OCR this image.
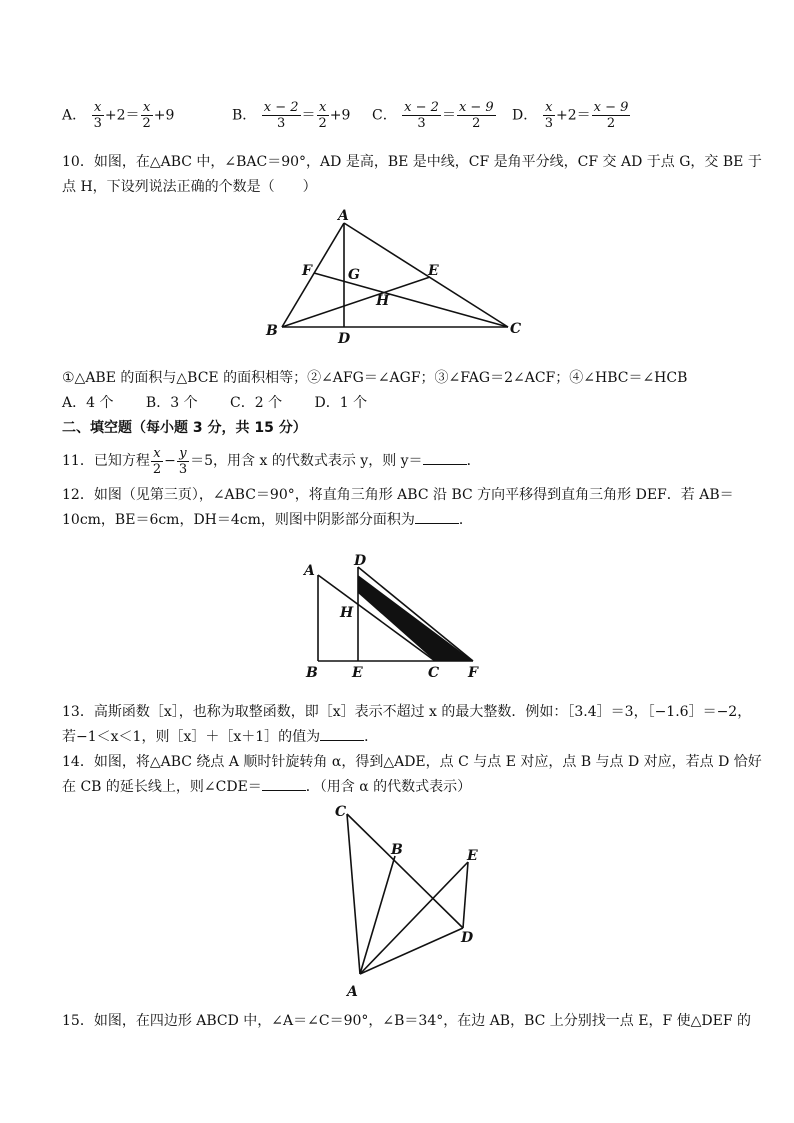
A． $\frac{x}{3} +2= \frac{x}{2} +9$	B． $\frac{x - 2}{3} = \frac{x}{2} +9$ C． $\frac{x - 2}{3} = \frac{x - 9}{2}$ D． $\frac{x}{3} +2= \frac{x - 9}{2}$
10．如图，在△ABC 中，∠BAC＝90°，AD 是高，BE 是中线，CF 是角平分线，CF 交 AD 于点 G，交 BE 于
点 H，下设列说法正确的个数是（　　）
A
B	C
D
E
F	G
H
①△ABE 的面积与△BCE 的面积相等；②∠AFG＝∠AGF；③∠FAG＝2∠ACF；④∠HBC＝∠HCB
A．4 个　　 B．3 个　　 C．2 个　　 D．1 个
二、填空题（每小题 3 分，共 15 分）
11．已知方程 $\frac{x}{2} - \frac{y}{3} =5$，用含 x 的代数式表示 y，则 y＝	．
12．如图（见第三页），∠ABC＝90°，将直角三角形 ABC 沿 BC 方向平移得到直角三角形 DEF．若 AB＝
10cm，BE＝6cm，DH＝4cm，则图中阴影部分面积为	．
A
D
H
B E	C F
13．高斯函数［x］，也称为取整函数，即［x］表示不超过 x 的最大整数．例如：［3.4］＝3，［−1.6］＝−2，
若−1＜x＜1，则［x］＋［x＋1］的值为	．
14．如图，将△ABC 绕点 A 顺时针旋转角 α，得到△ADE，点 C 与点 E 对应，点 B 与点 D 对应，若点 D 恰好
在 CB 的延长线上，则∠CDE＝	．（用含 α 的代数式表示）
C
B	E
D
A
15．如图，在四边形 ABCD 中，∠A＝∠C＝90°，∠B＝34°，在边 AB，BC 上分别找一点 E，F 使△DEF 的
